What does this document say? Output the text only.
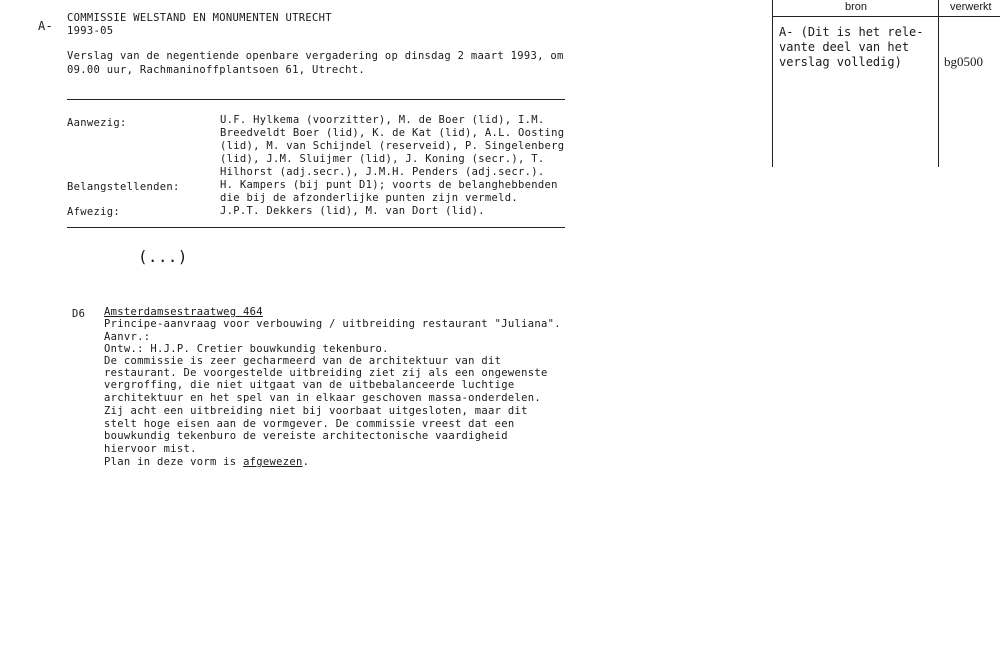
A-
COMMISSIE WELSTAND EN MONUMENTEN UTRECHT
1993-05
Verslag van de negentiende openbare vergadering op dinsdag 2 maart 1993, om
09.00 uur, Rachmaninoffplantsoen 61, Utrecht.
Aanwezig:	U.F. Hylkema (voorzitter), M. de Boer (lid), I.M.
Breedveldt Boer (lid), K. de Kat (lid), A.L. Oosting
(lid), M. van Schijndel (reserveid), P. Singelenberg
(lid), J.M. Sluijmer (lid), J. Koning (secr.), T.
Hilhorst (adj.secr.), J.M.H. Penders (adj.secr.).
Belangstellenden:	H. Kampers (bij punt D1); voorts de belanghebbenden
die bij de afzonderlijke punten zijn vermeld.
Afwezig:	J.P.T. Dekkers (lid), M. van Dort (lid).
(...)
D6 Amsterdamsestraatweg 464
Principe-aanvraag voor verbouwing / uitbreiding restaurant "Juliana".
Aanvr.:
Ontw.: H.J.P. Cretier bouwkundig tekenburo.
De commissie is zeer gecharmeerd van de architektuur van dit
restaurant. De voorgestelde uitbreiding ziet zij als een ongewenste
vergroffing, die niet uitgaat van de uitbebalanceerde luchtige
architektuur en het spel van in elkaar geschoven massa-onderdelen.
Zij acht een uitbreiding niet bij voorbaat uitgesloten, maar dit
stelt hoge eisen aan de vormgever. De commissie vreest dat een
bouwkundig tekenburo de vereiste architectonische vaardigheid
hiervoor mist.
Plan in deze vorm is afgewezen.
bron	verwerkt
A- (Dit is het rele-
vante deel van het
verslag volledig)	bg0500
